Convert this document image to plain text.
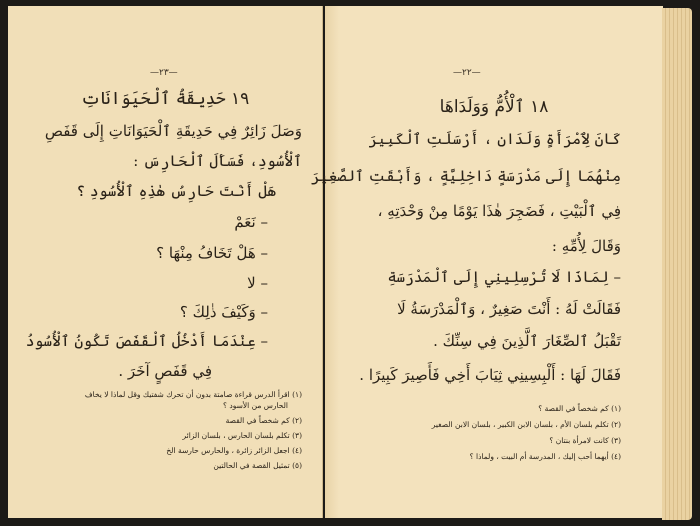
—٢٣—
١٩ حَدِيقَةُ ٱلْحَيَوَانَاتِ
وَصَلَ زَائِرٌ فِي حَدِيقَةِ ٱلْحَيَوَانَاتِ إِلَى قَفَصِ
ٱلْأُسُودِ، فَسَأَلَ ٱلْحَارِسَ :
هَلْ أَنْتَ حَارِسُ هٰذِهِ ٱلْأُسُودِ ؟
– نَعَمْ
– هَلْ تَخَافُ مِنْهَا ؟
– لا
– وَكَيْفَ ذٰلِكَ ؟
– عِنْدَمَا أَدْخُلُ ٱلْقَفَصَ تَكُونُ ٱلْأُسُودُ
فِي قَفَصٍ آخَرَ .
(١) اقرأ الدرس قراءة صامتة بدون أن تحرك شفتيك وقل لماذا لا يخاف
الحارس من الأسود ؟
(٢) كم شخصاً في القصة
(٣) تكلم بلسان الحارس ، بلسان الزائر
(٤) اجعل الزائر زائرة ، والحارس حارسة الخ
(٥) تمثيل القصة في الحالتين
—٢٢—
١٨ ٱلْأُمُّ وَوَلَدَاهَا
كَانَ لِٱمْرَأَةٍ وَلَدَانِ ، أَرْسَلَتِ ٱلْكَبِيرَ
مِنْهُمَا إِلَى مَدْرَسَةٍ دَاخِلِيَّةٍ ، وَأَبْقَتِ ٱلصَّغِيرَ
فِي ٱلْبَيْتِ ، فَضَجِرَ هٰذَا يَوْمًا مِنْ وَحْدَتِهِ ،
وَقَالَ لِأُمِّهِ :
– لِمَاذَا لَا تُرْسِلِينِي إِلَى ٱلْمَدْرَسَةِ
فَقَالَتْ لَهُ : أَنْتَ صَغِيرٌ ، وَٱلْمَدْرَسَةُ لَا
تَقْبَلُ ٱلصِّغَارَ ٱلَّذِينَ فِي سِنِّكَ .
فَقَالَ لَهَا : أَلْبِسِينِي ثِيَابَ أَخِي فَأَصِيرَ كَبِيرًا .
(١) كم شخصاً في القصة ؟
(٢) تكلم بلسان الأم ، بلسان الابن الكبير ، بلسان الابن الصغير
(٣) كانت لامرأة بنتان ؟
(٤) أيهما أحب إليك ، المدرسة أم البيت ، ولماذا ؟
